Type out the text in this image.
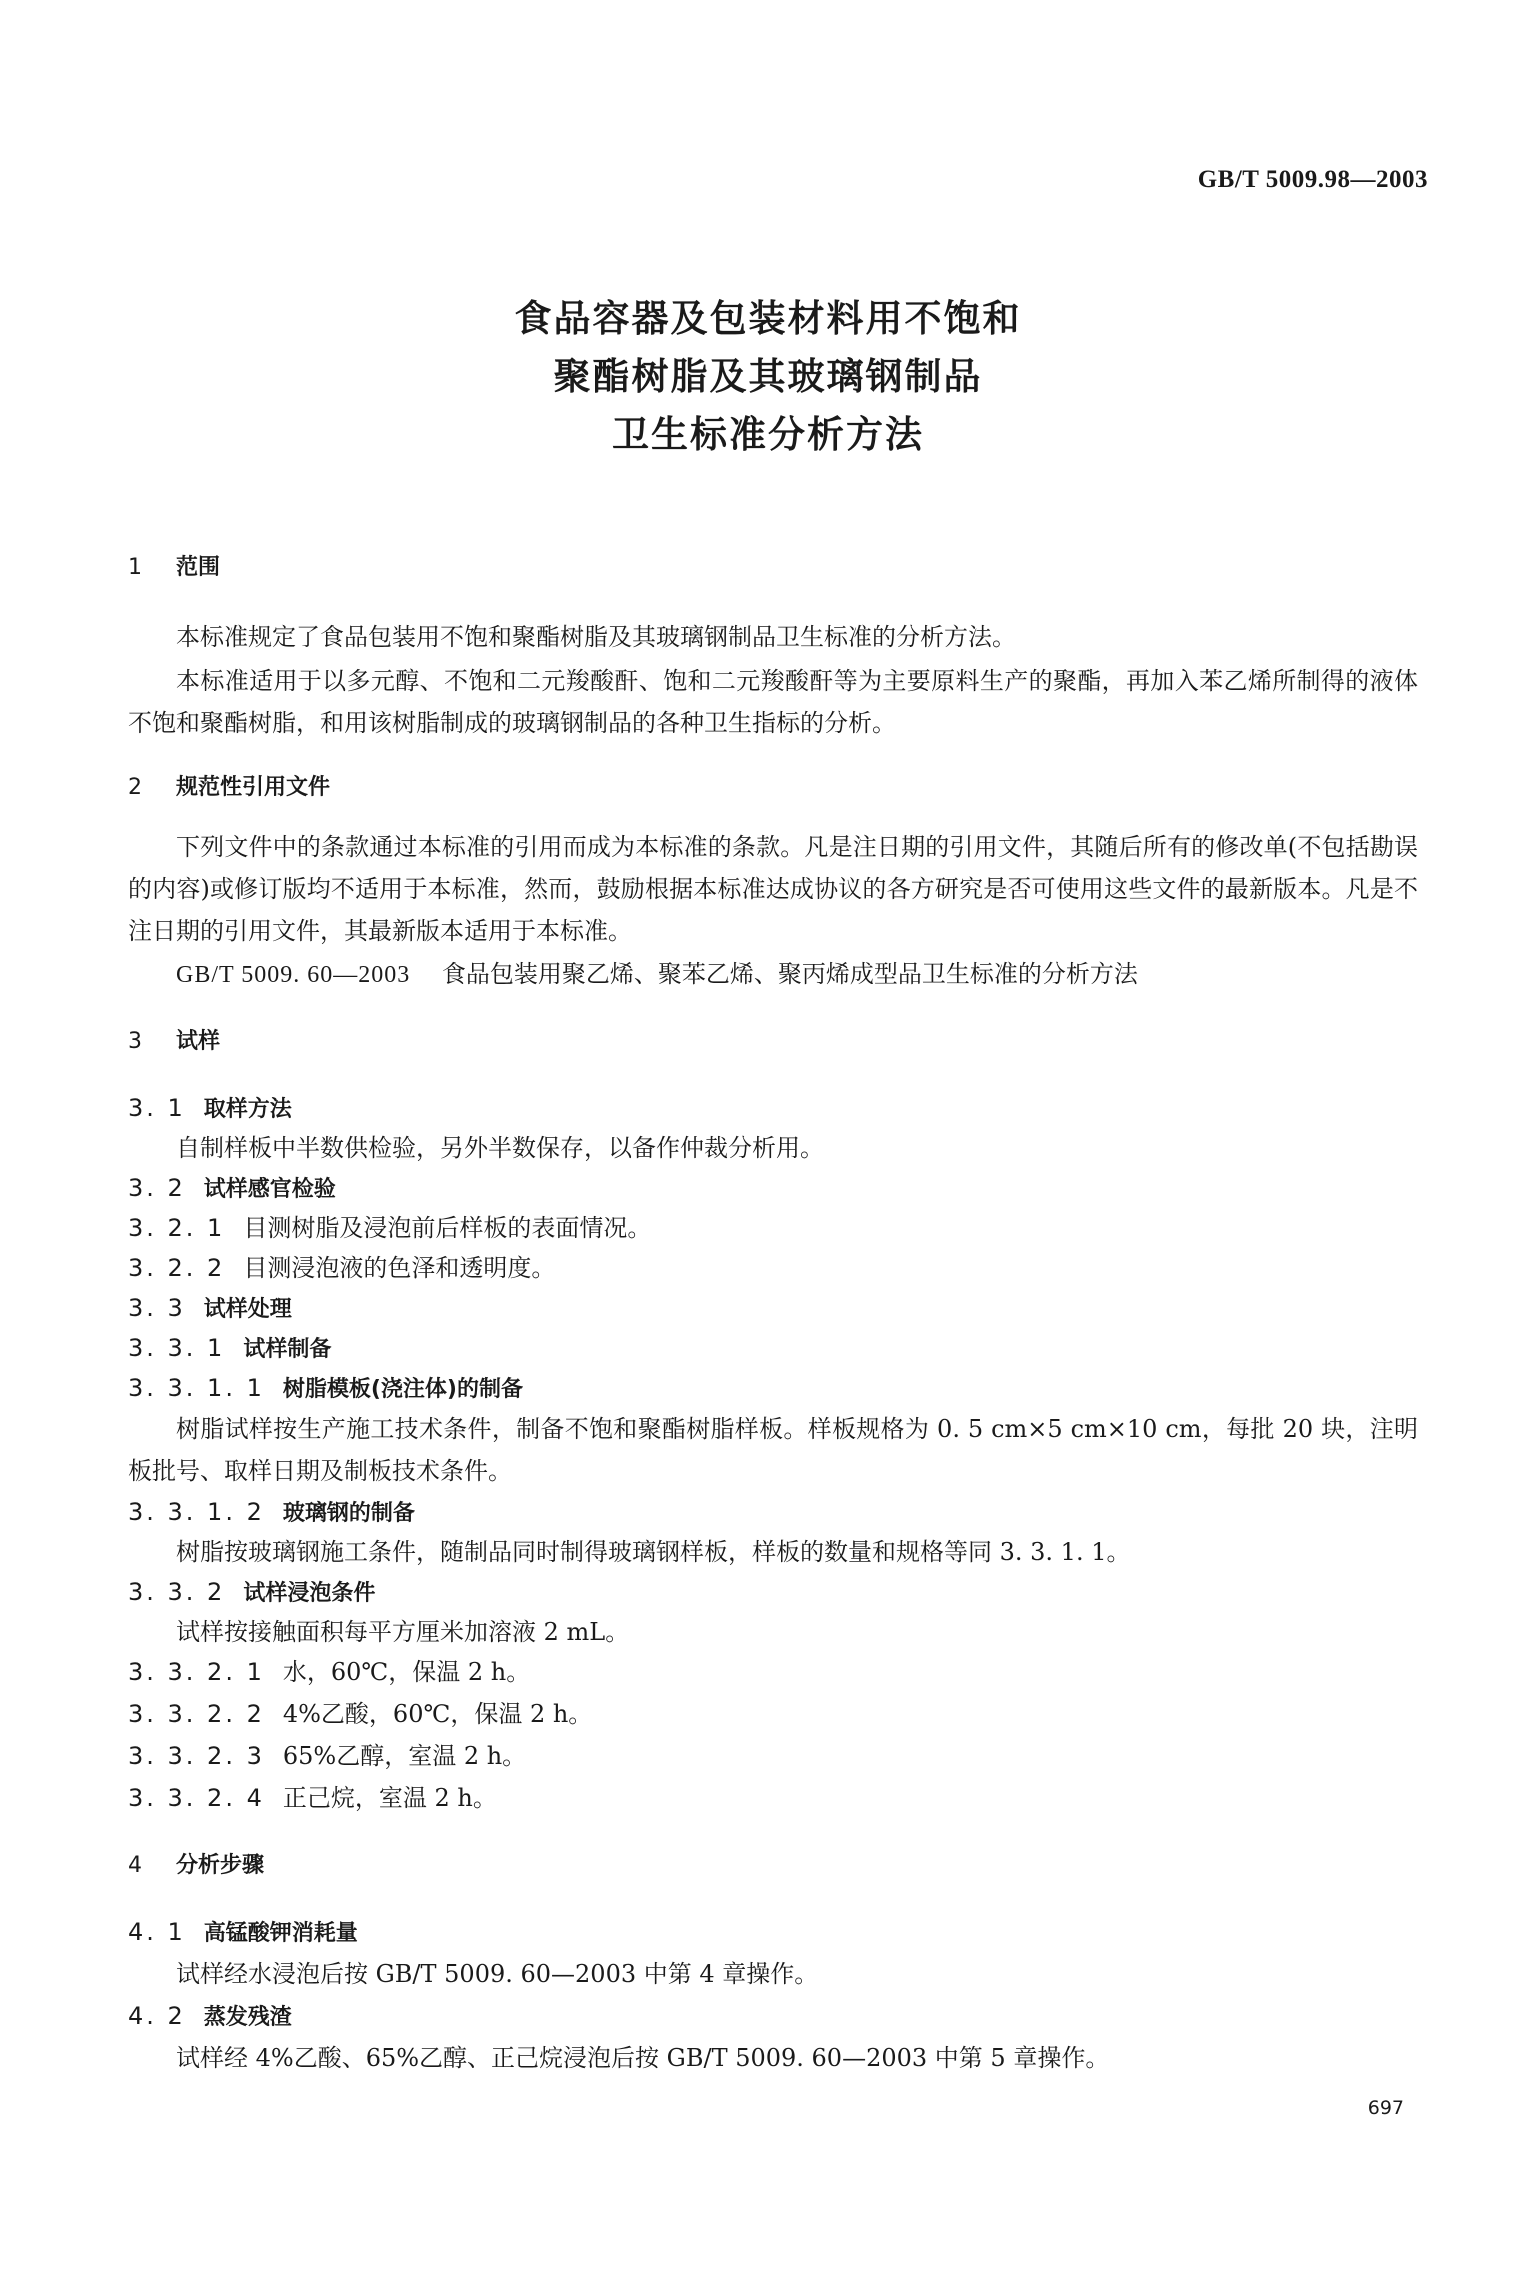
GB/T 5009.98—2003
食品容器及包装材料用不饱和
聚酯树脂及其玻璃钢制品
卫生标准分析方法
1 范围
本标准规定了食品包装用不饱和聚酯树脂及其玻璃钢制品卫生标准的分析方法。
本标准适用于以多元醇、不饱和二元羧酸酐、饱和二元羧酸酐等为主要原料生产的聚酯，再加入苯乙烯所制得的液体不饱和聚酯树脂，和用该树脂制成的玻璃钢制品的各种卫生指标的分析。
2 规范性引用文件
下列文件中的条款通过本标准的引用而成为本标准的条款。凡是注日期的引用文件，其随后所有的修改单(不包括勘误的内容)或修订版均不适用于本标准，然而，鼓励根据本标准达成协议的各方研究是否可使用这些文件的最新版本。凡是不注日期的引用文件，其最新版本适用于本标准。
GB/T 5009. 60—2003 食品包装用聚乙烯、聚苯乙烯、聚丙烯成型品卫生标准的分析方法
3 试样
3. 1 取样方法
自制样板中半数供检验，另外半数保存，以备作仲裁分析用。
3. 2 试样感官检验
3. 2. 1 目测树脂及浸泡前后样板的表面情况。
3. 2. 2 目测浸泡液的色泽和透明度。
3. 3 试样处理
3. 3. 1 试样制备
3. 3. 1. 1 树脂模板(浇注体)的制备
树脂试样按生产施工技术条件，制备不饱和聚酯树脂样板。样板规格为 0. 5 cm×5 cm×10 cm，每批 20 块，注明板批号、取样日期及制板技术条件。
3. 3. 1. 2 玻璃钢的制备
树脂按玻璃钢施工条件，随制品同时制得玻璃钢样板，样板的数量和规格等同 3. 3. 1. 1。
3. 3. 2 试样浸泡条件
试样按接触面积每平方厘米加溶液 2 mL。
3. 3. 2. 1 水，60℃，保温 2 h。
3. 3. 2. 2 4%乙酸，60℃，保温 2 h。
3. 3. 2. 3 65%乙醇，室温 2 h。
3. 3. 2. 4 正己烷，室温 2 h。
4 分析步骤
4. 1 高锰酸钾消耗量
试样经水浸泡后按 GB/T 5009. 60—2003 中第 4 章操作。
4. 2 蒸发残渣
试样经 4%乙酸、65%乙醇、正己烷浸泡后按 GB/T 5009. 60—2003 中第 5 章操作。
697
